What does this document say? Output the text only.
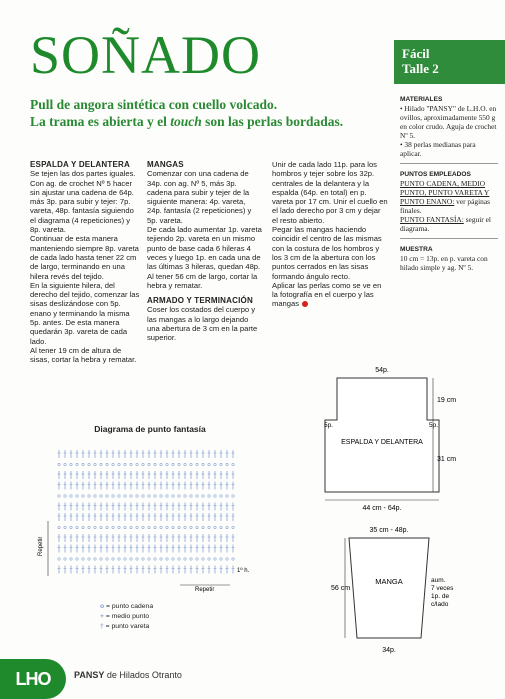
SOÑADO
Pull de angora sintética con cuello volcado.
La trama es abierta y el touch son las perlas bordadas.
Fácil
Talle 2
MATERIALES

• Hilado "PANSY" de L.H.O. en ovillos, aproximadamente 550 g en color crudo. Aguja de crochet Nº 5.

• 38 perlas medianas para aplicar.

PUNTOS EMPLEADOS

PUNTO CADENA, MEDIO PUNTO, PUNTO VARETA Y PUNTO ENANO: ver páginas finales.

PUNTO FANTASÍA: seguir el diagrama.

MUESTRA

10 cm = 13p. en p. vareta con hilado simple y ag. Nº 5.

ESPALDA Y DELANTERA

Se tejen las dos partes iguales. Con ag. de crochet Nº 5 hacer sin ajustar una cadena de 64p. más 3p. para subir y tejer: 7p. vareta, 48p. fantasía siguiendo el diagrama (4 repeticiones) y 8p. vareta.

Continuar de esta manera manteniendo siempre 8p. vareta de cada lado hasta tener 22 cm de largo, terminando en una hilera revés del tejido.

En la siguiente hilera, del derecho del tejido, comenzar las sisas deslizándose con 5p. enano y terminando la misma 5p. antes. De esta manera quedarán 3p. vareta de cada lado.

Al tener 19 cm de altura de sisas, cortar la hebra y rematar.

MANGAS

Comenzar con una cadena de 34p. con ag. Nº 5, más 3p. cadena para subir y tejer de la siguiente manera: 4p. vareta, 24p. fantasía (2 repeticiones) y 5p. vareta.

De cada lado aumentar 1p. vareta tejiendo 2p. vareta en un mismo punto de base cada 6 hileras 4 veces y luego 1p. en cada una de las últimas 3 hileras, quedan 48p. Al tener 56 cm de largo, cortar la hebra y rematar.

ARMADO Y TERMINACIÓN

Coser los costados del cuerpo y las mangas a lo largo dejando una abertura de 3 cm en la parte superior.

Unir de cada lado 11p. para los hombros y tejer sobre los 32p. centrales de la delantera y la espalda (64p. en total) en p. vareta por 17 cm. Unir el cuello en el lado derecho por 3 cm y dejar el resto abierto.

Pegar las mangas haciendo coincidir el centro de las mismas con la costura de los hombros y los 3 cm de la abertura con los puntos cerrados en las sisas formando ángulo recto.

Aplicar las perlas como se ve en la fotografía en el cuerpo y las mangas

Diagrama de punto fantasía
Repetir
1º h.
Repetir
o = punto cadena
+ = medio punto
† = punto vareta
54p.
5p.	5p.
ESPALDA Y DELANTERA
19 cm
31 cm
44 cm - 64p.
35 cm - 48p.
MANGA
56 cm
aum. 7 veces 1p. de c/lado
34p.
LHO	PANSY de Hilados Otranto
